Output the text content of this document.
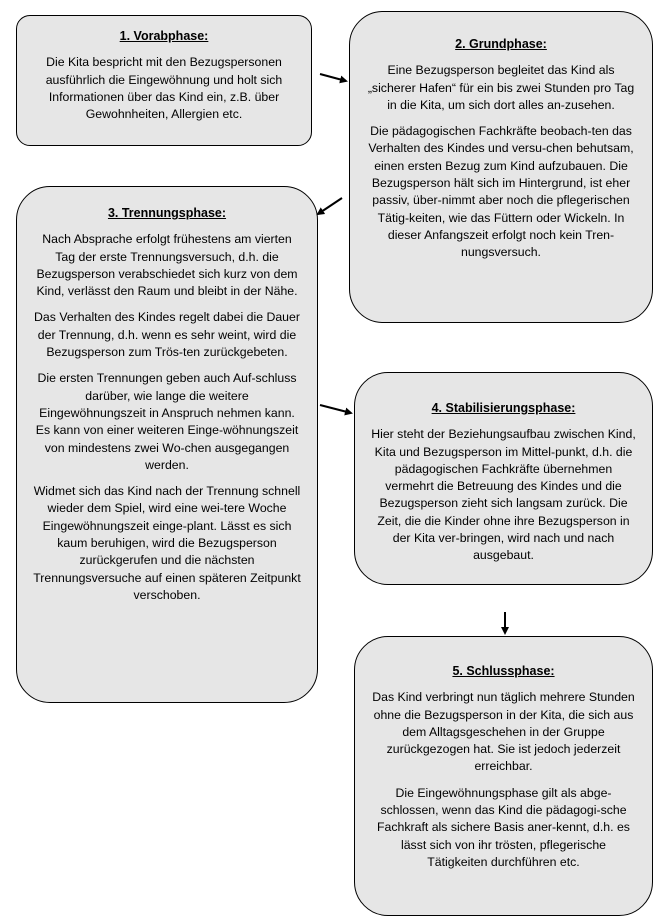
1. Vorabphase:

Die Kita bespricht mit den Bezugspersonen ausführlich die Eingewöhnung und holt sich Informationen über das Kind ein, z.B. über Gewohnheiten, Allergien etc.

2. Grundphase:

Eine Bezugsperson begleitet das Kind als „sicherer Hafen“ für ein bis zwei Stunden pro Tag in die Kita, um sich dort alles an-zusehen.

Die pädagogischen Fachkräfte beobach-ten das Verhalten des Kindes und versu-chen behutsam, einen ersten Bezug zum Kind aufzubauen. Die Bezugsperson hält sich im Hintergrund, ist eher passiv, über-nimmt aber noch die pflegerischen Tätig-keiten, wie das Füttern oder Wickeln. In dieser Anfangszeit erfolgt noch kein Tren-nungsversuch.

3. Trennungsphase:

Nach Absprache erfolgt frühestens am vierten Tag der erste Trennungsversuch, d.h. die Bezugsperson verabschiedet sich kurz von dem Kind, verlässt den Raum und bleibt in der Nähe.

Das Verhalten des Kindes regelt dabei die Dauer der Trennung, d.h. wenn es sehr weint, wird die Bezugsperson zum Trös-ten zurückgebeten.

Die ersten Trennungen geben auch Auf-schluss darüber, wie lange die weitere Eingewöhnungszeit in Anspruch nehmen kann. Es kann von einer weiteren Einge-wöhnungszeit von mindestens zwei Wo-chen ausgegangen werden.

Widmet sich das Kind nach der Trennung schnell wieder dem Spiel, wird eine wei-tere Woche Eingewöhnungszeit einge-plant. Lässt es sich kaum beruhigen, wird die Bezugsperson zurückgerufen und die nächsten Trennungsversuche auf einen späteren Zeitpunkt verschoben.

4. Stabilisierungsphase:

Hier steht der Beziehungsaufbau zwischen Kind, Kita und Bezugsperson im Mittel-punkt, d.h. die pädagogischen Fachkräfte übernehmen vermehrt die Betreuung des Kindes und die Bezugsperson zieht sich langsam zurück. Die Zeit, die die Kinder ohne ihre Bezugsperson in der Kita ver-bringen, wird nach und nach ausgebaut.

5. Schlussphase:

Das Kind verbringt nun täglich mehrere Stunden ohne die Bezugsperson in der Kita, die sich aus dem Alltagsgeschehen in der Gruppe zurückgezogen hat. Sie ist jedoch jederzeit erreichbar.

Die Eingewöhnungsphase gilt als abge-schlossen, wenn das Kind die pädagogi-sche Fachkraft als sichere Basis aner-kennt, d.h. es lässt sich von ihr trösten, pflegerische Tätigkeiten durchführen etc.
